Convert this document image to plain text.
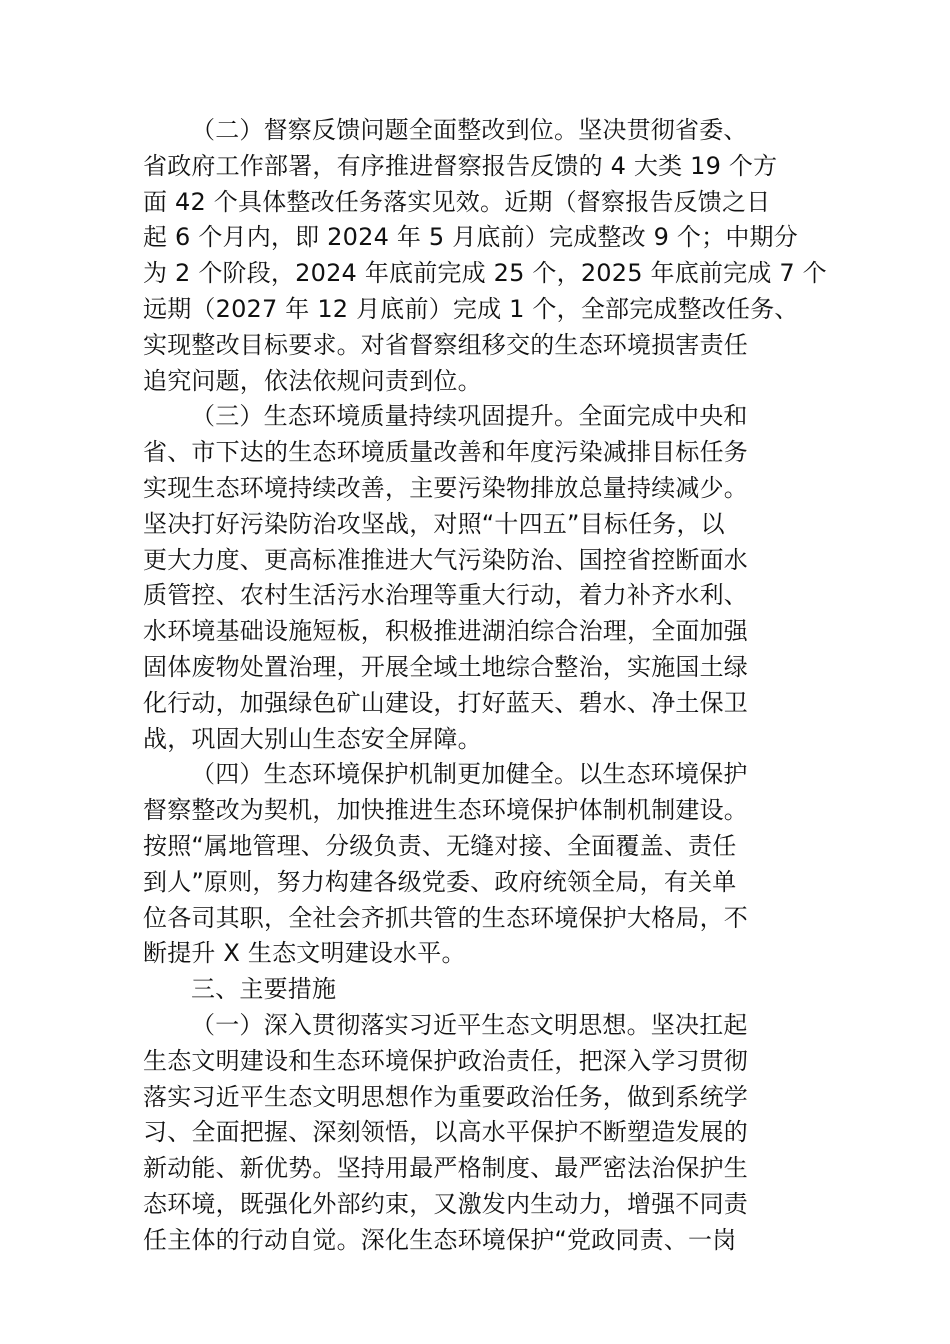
（二）督察反馈问题全面整改到位。坚决贯彻省委、
省政府工作部署，有序推进督察报告反馈的 4 大类 19 个方
面 42 个具体整改任务落实见效。近期（督察报告反馈之日
起 6 个月内，即 2024 年 5 月底前）完成整改 9 个；中期分
为 2 个阶段，2024 年底前完成 25 个，2025 年底前完成 7 个
远期（2027 年 12 月底前）完成 1 个，全部完成整改任务、
实现整改目标要求。对省督察组移交的生态环境损害责任
追究问题，依法依规问责到位。
（三）生态环境质量持续巩固提升。全面完成中央和
省、市下达的生态环境质量改善和年度污染减排目标任务
实现生态环境持续改善，主要污染物排放总量持续减少。
坚决打好污染防治攻坚战，对照“十四五”目标任务，以
更大力度、更高标准推进大气污染防治、国控省控断面水
质管控、农村生活污水治理等重大行动，着力补齐水利、
水环境基础设施短板，积极推进湖泊综合治理，全面加强
固体废物处置治理，开展全域土地综合整治，实施国土绿
化行动，加强绿色矿山建设，打好蓝天、碧水、净土保卫
战，巩固大别山生态安全屏障。
（四）生态环境保护机制更加健全。以生态环境保护
督察整改为契机，加快推进生态环境保护体制机制建设。
按照“属地管理、分级负责、无缝对接、全面覆盖、责任
到人”原则，努力构建各级党委、政府统领全局，有关单
位各司其职，全社会齐抓共管的生态环境保护大格局，不
断提升 X 生态文明建设水平。
三、主要措施
（一）深入贯彻落实习近平生态文明思想。坚决扛起
生态文明建设和生态环境保护政治责任，把深入学习贯彻
落实习近平生态文明思想作为重要政治任务，做到系统学
习、全面把握、深刻领悟，以高水平保护不断塑造发展的
新动能、新优势。坚持用最严格制度、最严密法治保护生
态环境，既强化外部约束，又激发内生动力，增强不同责
任主体的行动自觉。深化生态环境保护“党政同责、一岗
